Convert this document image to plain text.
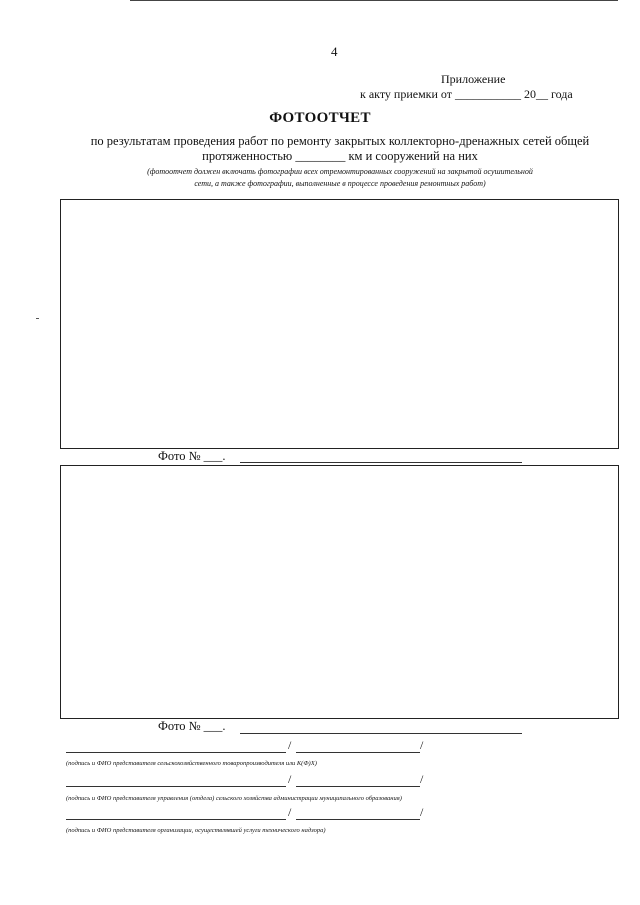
4
Приложение
к акту приемки от ___________ 20__ года
ФОТООТЧЕТ
по результатам проведения работ по ремонту закрытых коллекторно-дренажных сетей общей
протяженностью ________ км и сооружений на них
(фотоотчет должен включать фотографии всех отремонтированных сооружений на закрытой осушительной
сети, а также фотографии, выполненные в процессе проведения ремонтных работ)
Фото № ___.
Фото № ___.
/	/
(подпись и ФИО представителя сельскохозяйственного товаропроизводителя или К(Ф)Х)
/	/
(подпись и ФИО представителя управления (отдела) сельского хозяйства администрации муниципального образования)
/	/
(подпись и ФИО представителя организации, осуществлявшей услуги технического надзора)
